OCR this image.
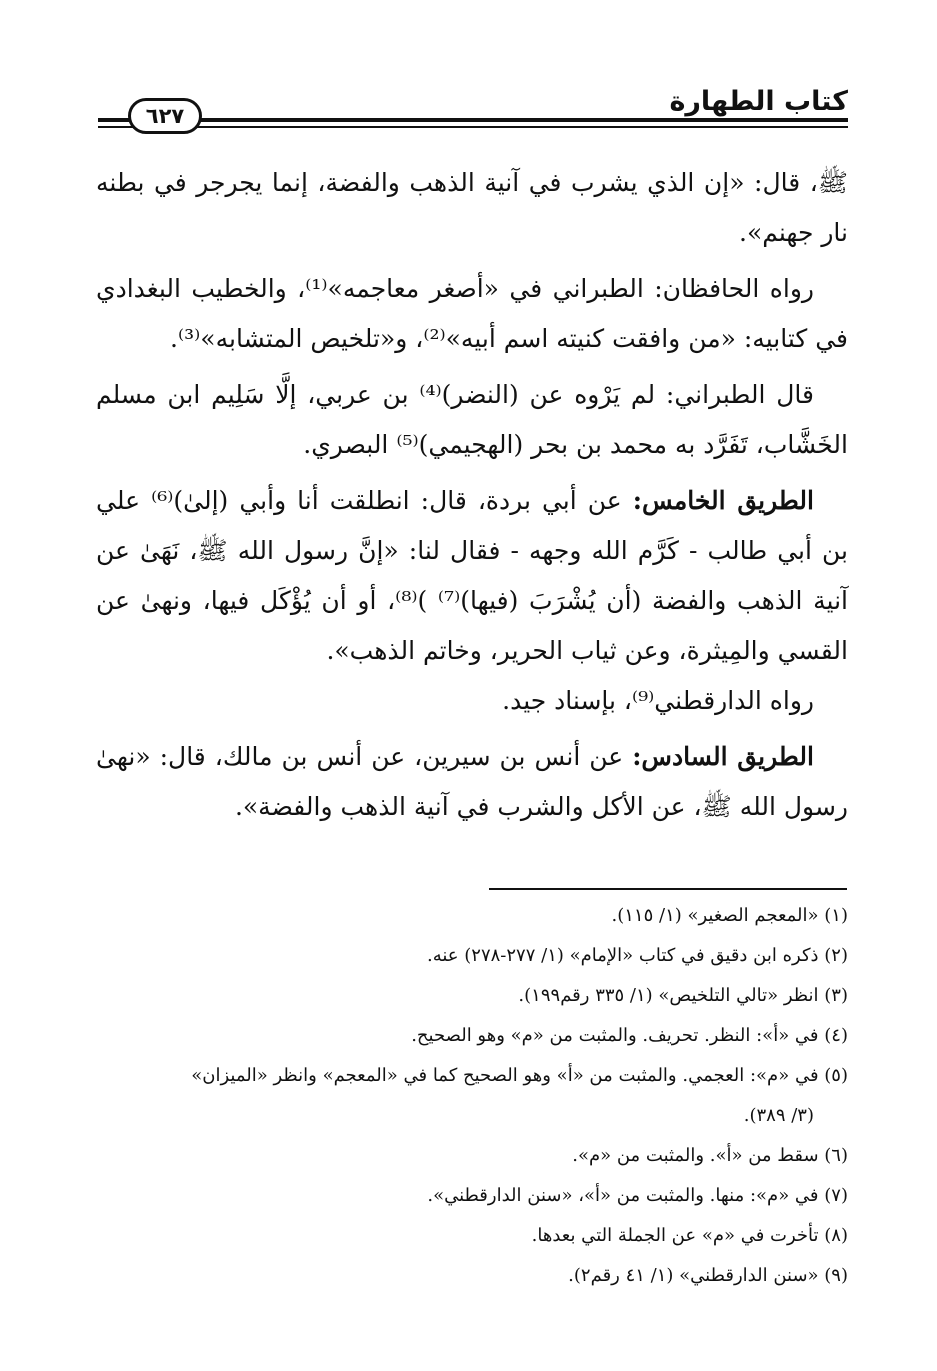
كتاب الطهارة
٦٢٧

ﷺ، قال: «إن الذي يشرب في آنية الذهب والفضة، إنما يجرجر في بطنه نار جهنم».

رواه الحافظان: الطبراني في «أصغر معاجمه»⁽¹⁾، والخطيب البغدادي في كتابيه: «من وافقت كنيته اسم أبيه»⁽²⁾، و«تلخيص المتشابه»⁽³⁾.

قال الطبراني: لم يَرْوه عن (النضر)⁽⁴⁾ بن عربي، إلَّا سَلِيم ابن مسلم الخَشَّاب، تَفَرَّد به محمد بن بحر (الهجيمي)⁽⁵⁾ البصري.

الطريق الخامس: عن أبي بردة، قال: انطلقت أنا وأبي (إلىٰ)⁽⁶⁾ علي بن أبي طالب - كَرَّم الله وجهه - فقال لنا: «إنَّ رسول الله ﷺ، نَهَىٰ عن آنية الذهب والفضة (أن يُشْرَبَ (فيها)⁽⁷⁾ )⁽⁸⁾، أو أن يُؤْكَل فيها، ونهىٰ عن القسي والمِيثرة، وعن ثياب الحرير، وخاتم الذهب».

رواه الدارقطني⁽⁹⁾، بإسناد جيد.

الطريق السادس: عن أنس بن سيرين، عن أنس بن مالك، قال: «نهىٰ رسول الله ﷺ، عن الأكل والشرب في آنية الذهب والفضة».

(١) «المعجم الصغير» (١/ ١١٥).

(٢) ذكره ابن دقيق في كتاب «الإمام» (١/ ٢٧٧-٢٧٨) عنه.

(٣) انظر «تالي التلخيص» (١/ ٣٣٥ رقم١٩٩).

(٤) في «أ»: النظر. تحريف. والمثبت من «م» وهو الصحيح.

(٥) في «م»: العجمي. والمثبت من «أ» وهو الصحيح كما في «المعجم» وانظر «الميزان»

(٣/ ٣٨٩).

(٦) سقط من «أ». والمثبت من «م».

(٧) في «م»: منها. والمثبت من «أ»، «سنن الدارقطني».

(٨) تأخرت في «م» عن الجملة التي بعدها.

(٩) «سنن الدارقطني» (١/ ٤١ رقم٢).
